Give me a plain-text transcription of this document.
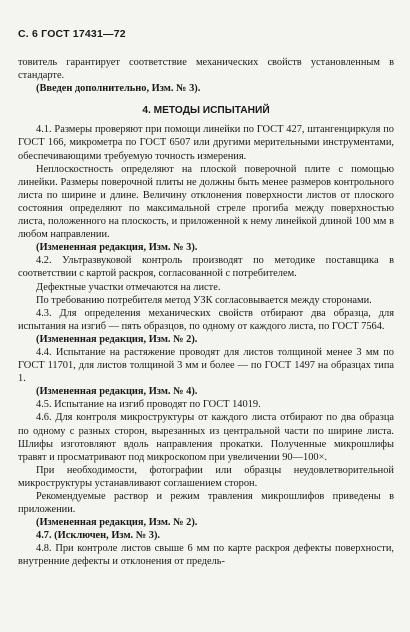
С. 6 ГОСТ 17431—72

товитель гарантирует соответствие механических свойств установленным в стандарте.

(Введен дополнительно, Изм. № 3).

4. МЕТОДЫ ИСПЫТАНИЙ

4.1. Размеры проверяют при помощи линейки по ГОСТ 427, штангенциркуля по ГОСТ 166, микрометра по ГОСТ 6507 или другими мерительными инструментами, обеспечивающими требуемую точность измерения.

Неплоскостность определяют на плоской поверочной плите с помощью линейки. Размеры поверочной плиты не должны быть менее размеров контрольного листа по ширине и длине. Величину отклонения поверхности листов от плоского состояния определяют по максимальной стреле прогиба между поверхностью листа, положенного на плоскость, и приложенной к нему линейкой длиной 100 мм в любом направлении.

(Измененная редакция, Изм. № 3).

4.2. Ультразвуковой контроль производят по методике поставщика в соответствии с картой раскроя, согласованной с потребителем.

Дефектные участки отмечаются на листе.

По требованию потребителя метод УЗК согласовывается между сторонами.

4.3. Для определения механических свойств отбирают два образца, для испытания на изгиб — пять образцов, по одному от каждого листа, по ГОСТ 7564.

(Измененная редакция, Изм. № 2).

4.4. Испытание на растяжение проводят для листов толщиной менее 3 мм по ГОСТ 11701, для листов толщиной 3 мм и более — по ГОСТ 1497 на образцах типа 1.

(Измененная редакция, Изм. № 4).

4.5. Испытание на изгиб проводят по ГОСТ 14019.

4.6. Для контроля микроструктуры от каждого листа отбирают по два образца по одному с разных сторон, вырезанных из центральной части по ширине листа. Шлифы изготовляют вдоль направления прокатки. Полученные микрошлифы травят и просматривают под микроскопом при увеличении 90—100×.

При необходимости, фотографии или образцы неудовлетворительной микроструктуры устанавливают соглашением сторон.

Рекомендуемые раствор и режим травления микрошлифов приведены в приложении.

(Измененная редакция, Изм. № 2).

4.7. (Исключен, Изм. № 3).

4.8. При контроле листов свыше 6 мм по карте раскроя дефекты поверхности, внутренние дефекты и отклонения от предель-
